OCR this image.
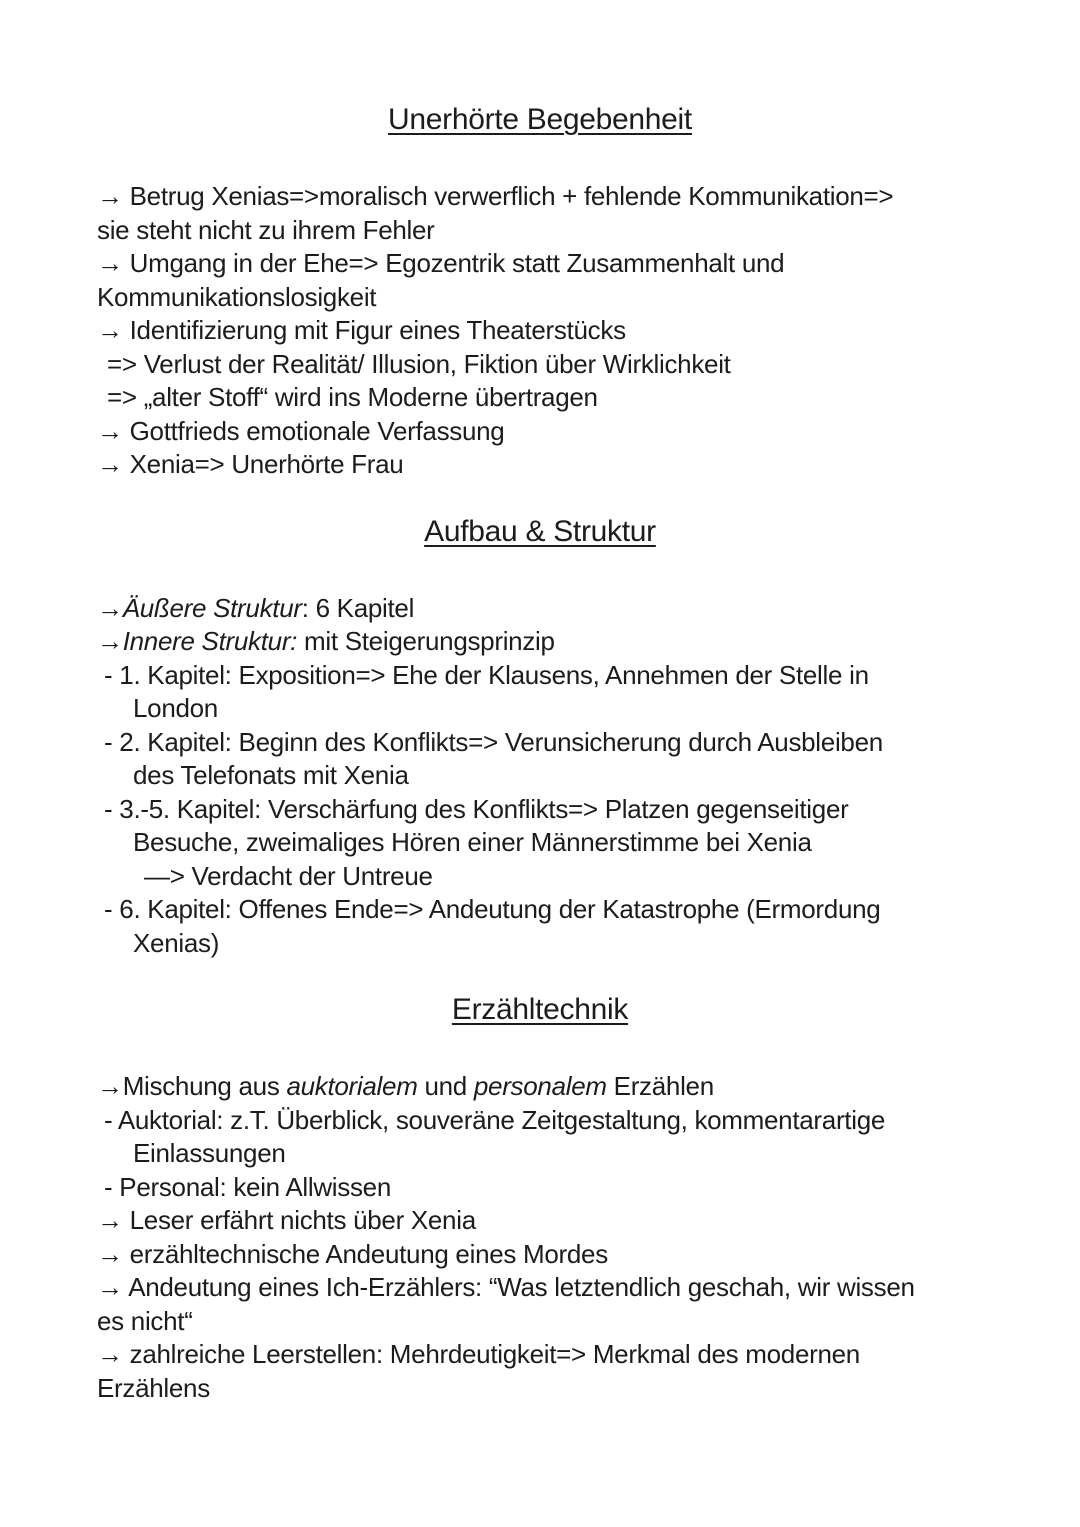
Unerhörte Begebenheit
→ Betrug Xenias=>moralisch verwerflich + fehlende Kommunikation=>
sie steht nicht zu ihrem Fehler
→ Umgang in der Ehe=> Egozentrik statt Zusammenhalt und
Kommunikationslosigkeit
→ Identifizierung mit Figur eines Theaterstücks
=> Verlust der Realität/ Illusion, Fiktion über Wirklichkeit
=> „alter Stoff“ wird ins Moderne übertragen
→ Gottfrieds emotionale Verfassung
→ Xenia=> Unerhörte Frau
Aufbau & Struktur
→Äußere Struktur: 6 Kapitel
→Innere Struktur: mit Steigerungsprinzip
- 1. Kapitel: Exposition=> Ehe der Klausens, Annehmen der Stelle in
London
- 2. Kapitel: Beginn des Konflikts=> Verunsicherung durch Ausbleiben
des Telefonats mit Xenia
- 3.-5. Kapitel: Verschärfung des Konflikts=> Platzen gegenseitiger
Besuche, zweimaliges Hören einer Männerstimme bei Xenia
—> Verdacht der Untreue
- 6. Kapitel: Offenes Ende=> Andeutung der Katastrophe (Ermordung
Xenias)
Erzähltechnik
→Mischung aus auktorialem und personalem Erzählen
- Auktorial: z.T. Überblick, souveräne Zeitgestaltung, kommentarartige
Einlassungen
- Personal: kein Allwissen
→ Leser erfährt nichts über Xenia
→ erzähltechnische Andeutung eines Mordes
→ Andeutung eines Ich-Erzählers: “Was letztendlich geschah, wir wissen
es nicht“
→ zahlreiche Leerstellen: Mehrdeutigkeit=> Merkmal des modernen
Erzählens
